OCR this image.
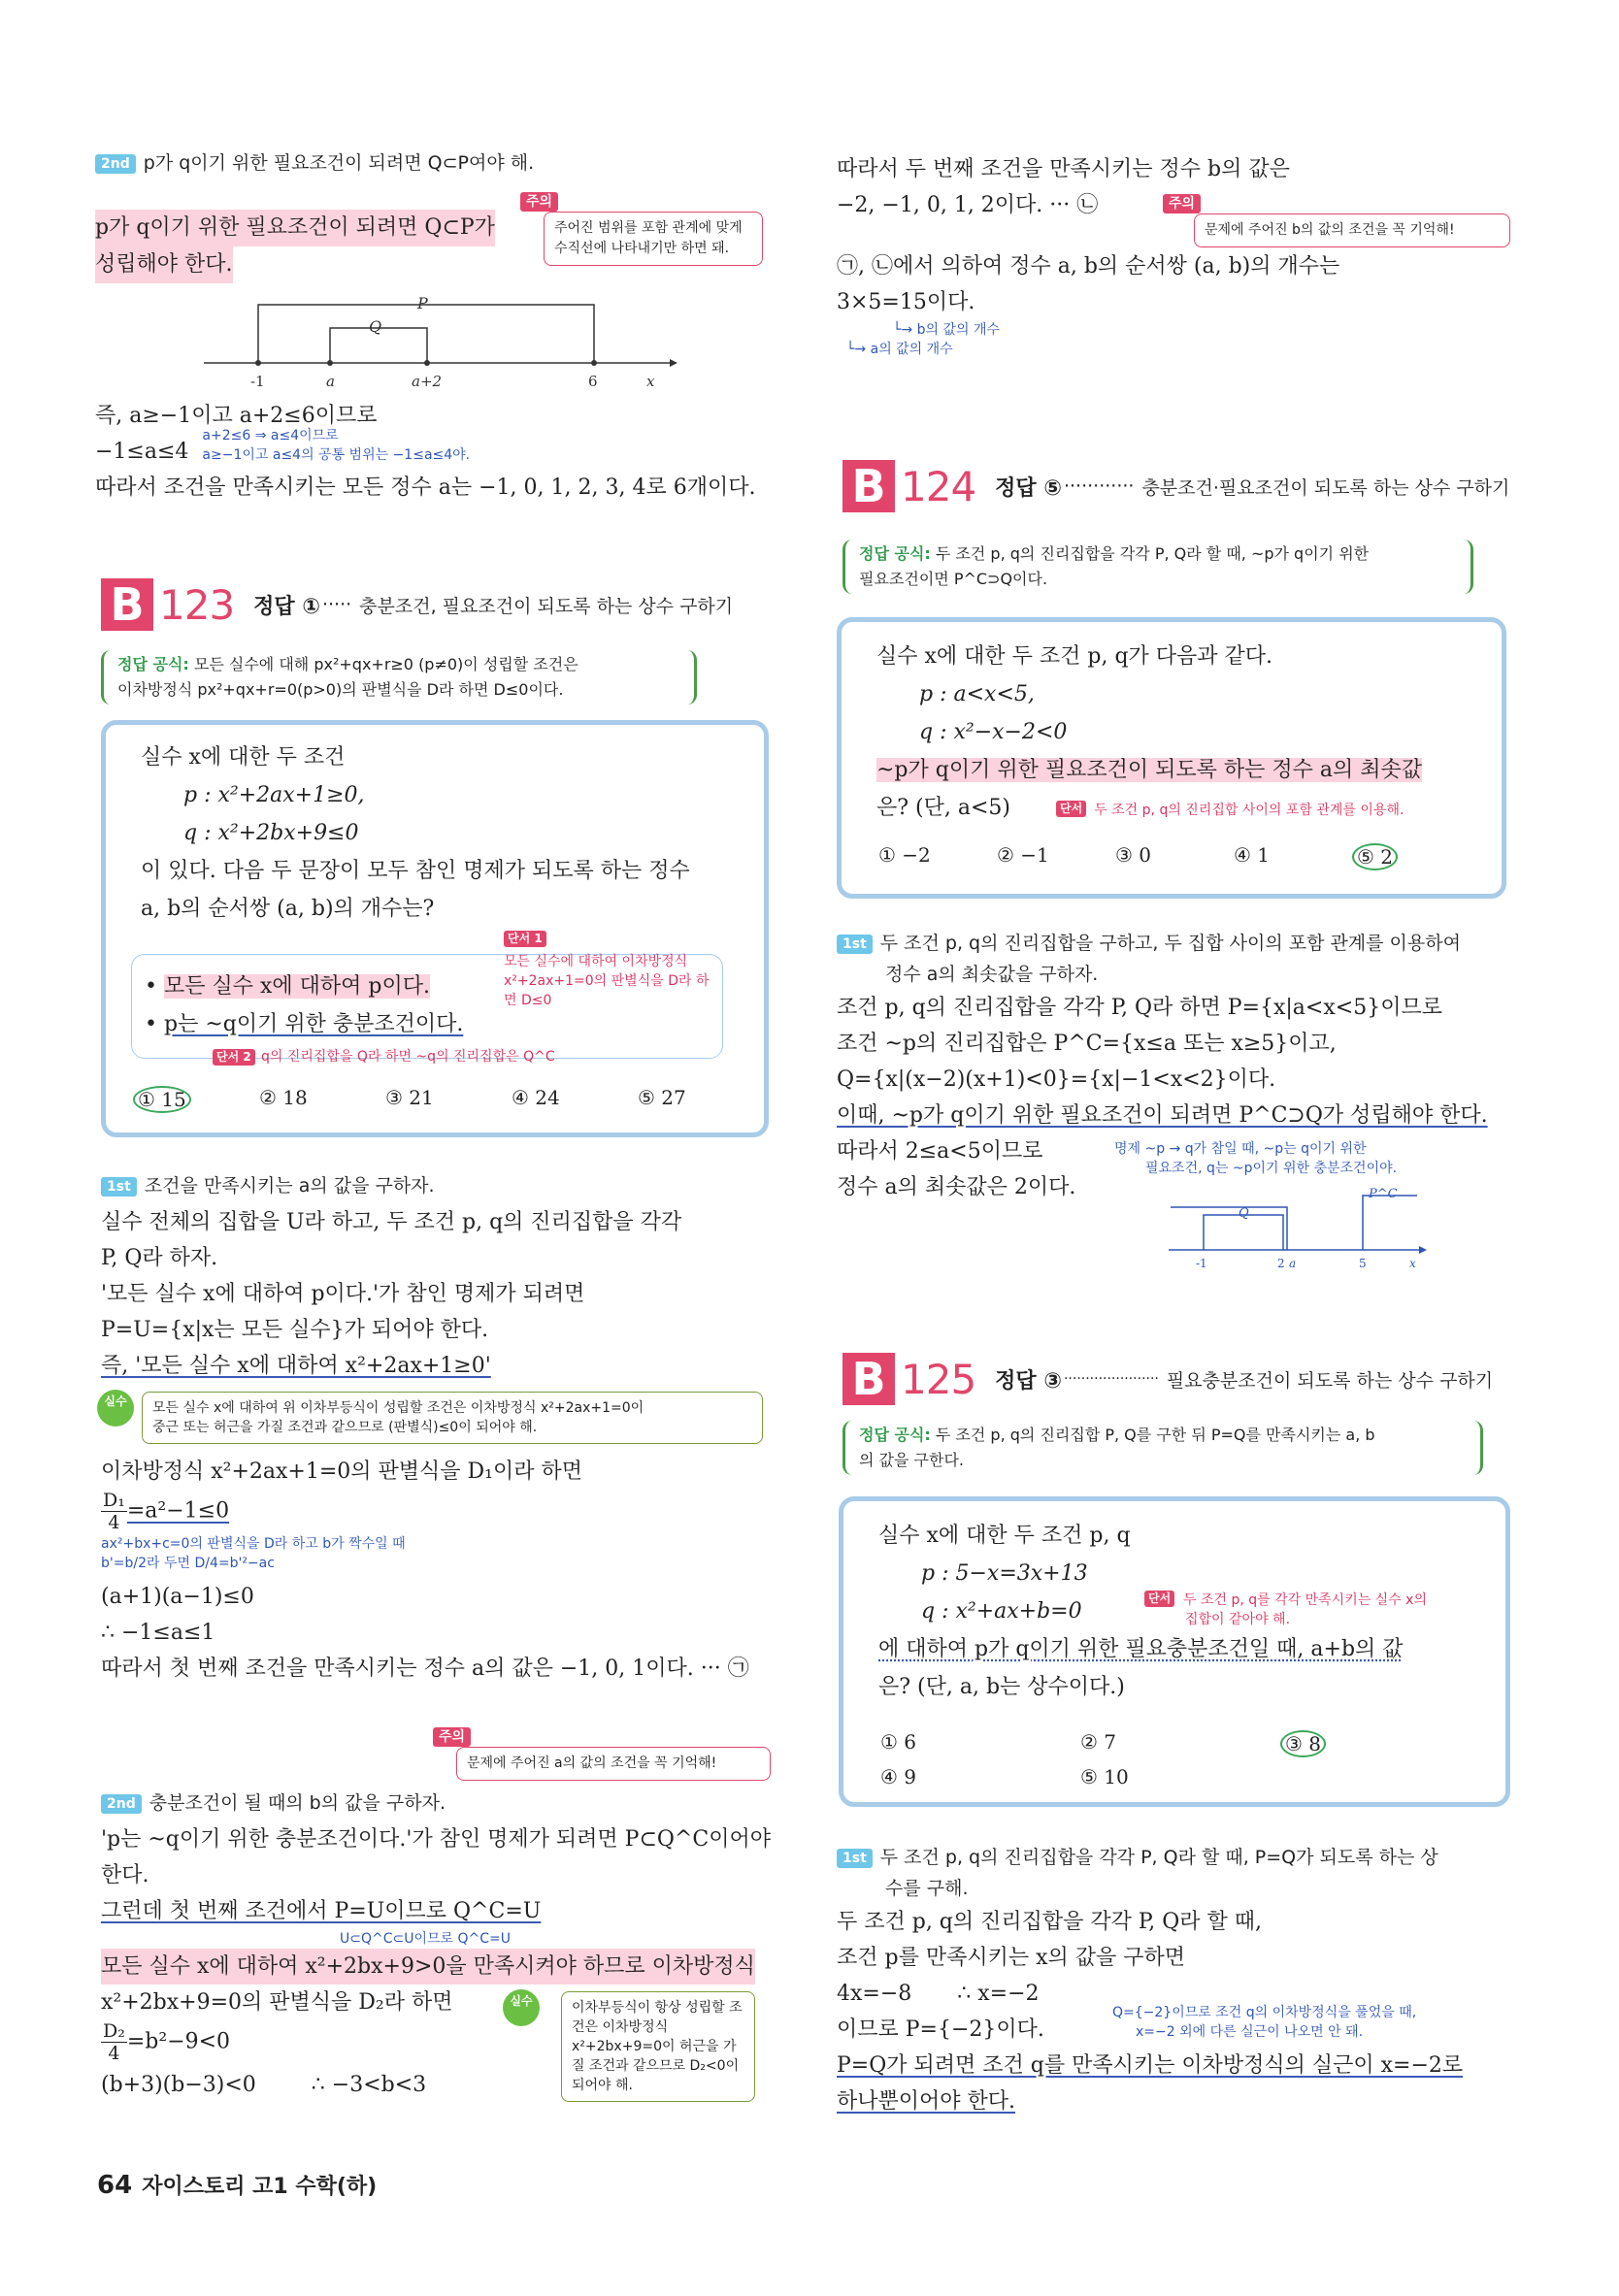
2nd p가 q이기 위한 필요조건이 되려면 Q⊂P여야 해.
p가 q이기 위한 필요조건이 되려면 Q⊂P가
성립해야 한다.
주의
주어진 범위를 포함 관계에 맞게 수직선에 나타내기만 하면 돼.
P
Q
-1	a	a+2	6	x
즉, a≥−1이고 a+2≤6이므로
−1≤a≤4
a+2≤6 ⇒ a≤4이므로
a≥−1이고 a≤4의 공통 범위는 −1≤a≤4야.
따라서 조건을 만족시키는 모든 정수 a는 −1, 0, 1, 2, 3, 4로 6개이다.
B 123 정답 ① ····· 충분조건, 필요조건이 되도록 하는 상수 구하기
정답 공식: 모든 실수에 대해 px²+qx+r≥0 (p≠0)이 성립할 조건은
이차방정식 px²+qx+r=0(p>0)의 판별식을 D라 하면 D≤0이다.
실수 x에 대한 두 조건
p : x²+2ax+1≥0,
q : x²+2bx+9≤0
이 있다. 다음 두 문장이 모두 참인 명제가 되도록 하는 정수
a, b의 순서쌍 (a, b)의 개수는?
• 모든 실수 x에 대하여 p이다.
• p는 ~q이기 위한 충분조건이다.
단서 1
모든 실수에 대하여 이차방정식 x²+2ax+1=0의 판별식을 D라 하면 D≤0
단서 2 q의 진리집합을 Q라 하면 ~q의 진리집합은 Q^C
① 15	② 18	③ 21	④ 24	⑤ 27
1st 조건을 만족시키는 a의 값을 구하자.
실수 전체의 집합을 U라 하고, 두 조건 p, q의 진리집합을 각각
P, Q라 하자.
'모든 실수 x에 대하여 p이다.'가 참인 명제가 되려면
P=U={x|x는 모든 실수}가 되어야 한다.
즉, '모든 실수 x에 대하여 x²+2ax+1≥0'
실수	모든 실수 x에 대하여 위 이차부등식이 성립할 조건은 이차방정식 x²+2ax+1=0이
중근 또는 허근을 가질 조건과 같으므로 (판별식)≤0이 되어야 해.
이차방정식 x²+2ax+1=0의 판별식을 D₁이라 하면
$\frac{\text{D₁}}{4} =a^2-1\le 0$
ax²+bx+c=0의 판별식을 D라 하고 b가 짝수일 때
b'=b/2라 두면 D/4=b'²−ac
(a+1)(a−1)≤0
∴ −1≤a≤1
따라서 첫 번째 조건을 만족시키는 정수 a의 값은 −1, 0, 1이다. ··· ㉠
주의
문제에 주어진 a의 값의 조건을 꼭 기억해!
2nd 충분조건이 될 때의 b의 값을 구하자.
'p는 ~q이기 위한 충분조건이다.'가 참인 명제가 되려면 P⊂Q^C이어야
한다.
그런데 첫 번째 조건에서 P=U이므로 Q^C=U
U⊂Q^C⊂U이므로 Q^C=U
모든 실수 x에 대하여 x²+2bx+9>0을 만족시켜야 하므로 이차방정식
x²+2bx+9=0의 판별식을 D₂라 하면
$\frac{\text{D₂}}{4} =b^2-9<0$
(b+3)(b−3)<0	∴ −3<b<3
실수	이차부등식이 항상 성립할 조건은 이차방정식 x²+2bx+9=0이 허근을 가질 조건과 같으므로 D₂<0이 되어야 해.
따라서 두 번째 조건을 만족시키는 정수 b의 값은
−2, −1, 0, 1, 2이다. ··· ㉡	주의
문제에 주어진 b의 값의 조건을 꼭 기억해!
㉠, ㉡에서 의하여 정수 a, b의 순서쌍 (a, b)의 개수는
3×5=15이다.
└→ b의 값의 개수
└→ a의 값의 개수
B 124 정답 ⑤ ············ 충분조건·필요조건이 되도록 하는 상수 구하기
정답 공식: 두 조건 p, q의 진리집합을 각각 P, Q라 할 때, ~p가 q이기 위한
필요조건이면 P^C⊃Q이다.
실수 x에 대한 두 조건 p, q가 다음과 같다.
p : a<x<5,
q : x²−x−2<0
~p가 q이기 위한 필요조건이 되도록 하는 정수 a의 최솟값
은? (단, a<5)	단서 두 조건 p, q의 진리집합 사이의 포함 관계를 이용해.
① −2	② −1	③ 0	④ 1	⑤ 2
1st 두 조건 p, q의 진리집합을 구하고, 두 집합 사이의 포함 관계를 이용하여
정수 a의 최솟값을 구하자.
조건 p, q의 진리집합을 각각 P, Q라 하면 P={x|a<x<5}이므로
조건 ~p의 진리집합은 P^C={x≤a 또는 x≥5}이고,
Q={x|(x−2)(x+1)<0}={x|−1<x<2}이다.
이때, ~p가 q이기 위한 필요조건이 되려면 P^C⊃Q가 성립해야 한다.
따라서 2≤a<5이므로
정수 a의 최솟값은 2이다.
명제 ~p → q가 참일 때, ~p는 q이기 위한
필요조건, q는 ~p이기 위한 충분조건이야.
Q
P^C
-1	2 a	5	x
B 125 정답 ③ ······················ 필요충분조건이 되도록 하는 상수 구하기
정답 공식: 두 조건 p, q의 진리집합 P, Q를 구한 뒤 P=Q를 만족시키는 a, b
의 값을 구한다.
실수 x에 대한 두 조건 p, q
p : 5−x=3x+13
q : x²+ax+b=0
에 대하여 p가 q이기 위한 필요충분조건일 때, a+b의 값
은? (단, a, b는 상수이다.)
단서 두 조건 p, q를 각각 만족시키는 실수 x의
집합이 같아야 해.
① 6	② 7	③ 8
④ 9	⑤ 10
1st 두 조건 p, q의 진리집합을 각각 P, Q라 할 때, P=Q가 되도록 하는 상
수를 구해.
두 조건 p, q의 진리집합을 각각 P, Q라 할 때,
조건 p를 만족시키는 x의 값을 구하면
4x=−8 ∴ x=−2
이므로 P={−2}이다.
P=Q가 되려면 조건 q를 만족시키는 이차방정식의 실근이 x=−2로
하나뿐이어야 한다.
Q={−2}이므로 조건 q의 이차방정식을 풀었을 때,
x=−2 외에 다른 실근이 나오면 안 돼.
64 자이스토리 고1 수학(하)
